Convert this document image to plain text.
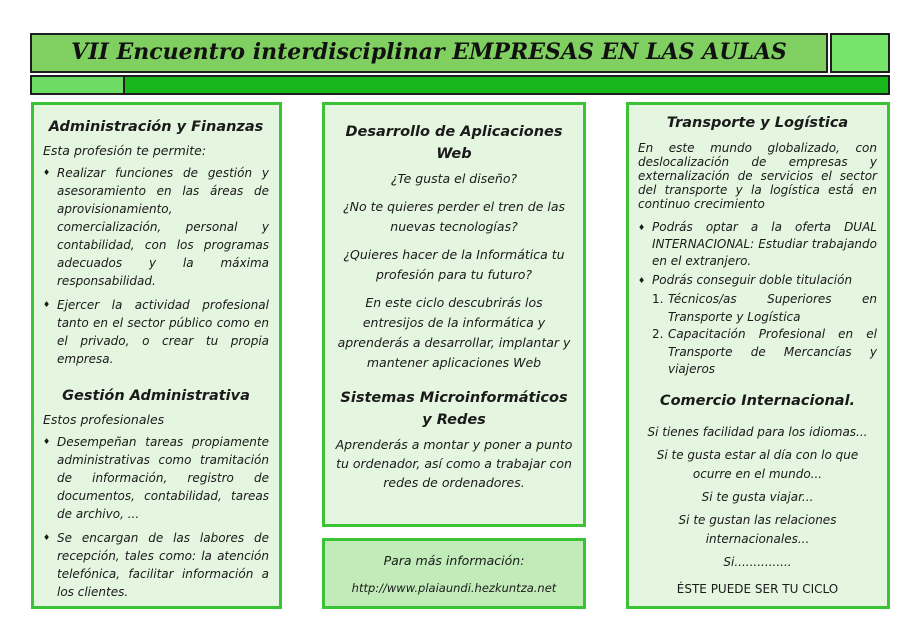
VII Encuentro interdisciplinar EMPRESAS EN LAS AULAS
Administración y Finanzas

Esta profesión te permite:

♦ Realizar funciones de gestión y asesoramiento en las áreas de aprovisionamiento, comercialización, personal y contabilidad, con los programas adecuados y la máxima responsabilidad.
♦ Ejercer la actividad profesional tanto en el sector público como en el privado, o crear tu propia empresa.
Gestión Administrativa

Estos profesionales

♦ Desempeñan tareas propiamente administrativas como tramitación de información, registro de documentos, contabilidad, tareas de archivo, ...
♦ Se encargan de las labores de recepción, tales como: la atención telefónica, facilitar información a los clientes.
Desarrollo de Aplicaciones Web

¿Te gusta el diseño?

¿No te quieres perder el tren de las nuevas tecnologías?

¿Quieres hacer de la Informática tu profesión para tu futuro?

En este ciclo descubrirás los entresijos de la informática y aprenderás a desarrollar, implantar y mantener aplicaciones Web

Sistemas Microinformáticos y Redes

Aprenderás a montar y poner a punto tu ordenador, así como a trabajar con redes de ordenadores.

Para más información:
http://www.plaiaundi.hezkuntza.net
Transporte y Logística

En este mundo globalizado, con deslocalización de empresas y externalización de servicios el sector del transporte y la logística está en continuo crecimiento

♦ Podrás optar a la oferta DUAL INTERNACIONAL: Estudiar trabajando en el extranjero.
♦ Podrás conseguir doble titulación
1. Técnicos/as Superiores en Transporte y Logística
2. Capacitación Profesional en el Transporte de Mercancías y viajeros
Comercio Internacional.

Si tienes facilidad para los idiomas...

Si te gusta estar al día con lo que ocurre en el mundo...

Si te gusta viajar...

Si te gustan las relaciones internacionales...

Si...............

ÉSTE PUEDE SER TU CICLO
